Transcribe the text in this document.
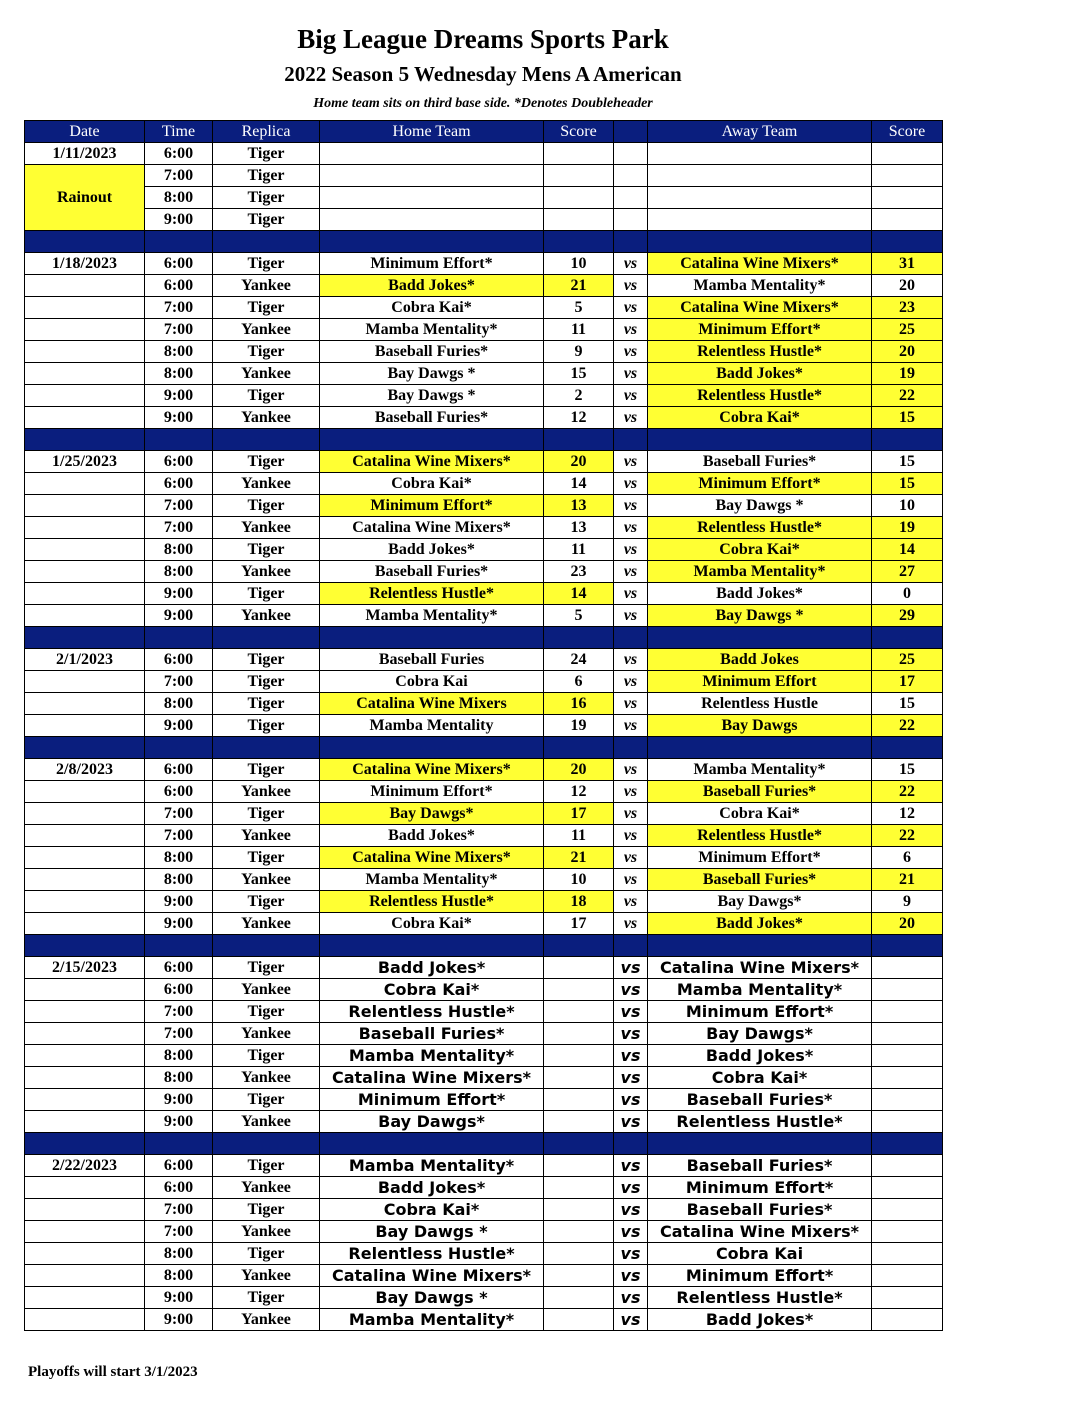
Big League Dreams Sports Park
2022 Season 5 Wednesday Mens A American
Home team sits on third base side. *Denotes Doubleheader
Date	Time	Replica	Home Team	Score		Away Team	Score
1/11/2023	6:00	Tiger					
Rainout	7:00	Tiger					
	8:00	Tiger					
	9:00	Tiger					

1/18/2023	6:00	Tiger	Minimum Effort*	10	vs	Catalina Wine Mixers*	31
	6:00	Yankee	Badd Jokes*	21	vs	Mamba Mentality*	20
	7:00	Tiger	Cobra Kai*	5	vs	Catalina Wine Mixers*	23
	7:00	Yankee	Mamba Mentality*	11	vs	Minimum Effort*	25
	8:00	Tiger	Baseball Furies*	9	vs	Relentless Hustle*	20
	8:00	Yankee	Bay Dawgs *	15	vs	Badd Jokes*	19
	9:00	Tiger	Bay Dawgs *	2	vs	Relentless Hustle*	22
	9:00	Yankee	Baseball Furies*	12	vs	Cobra Kai*	15

1/25/2023	6:00	Tiger	Catalina Wine Mixers*	20	vs	Baseball Furies*	15
	6:00	Yankee	Cobra Kai*	14	vs	Minimum Effort*	15
	7:00	Tiger	Minimum Effort*	13	vs	Bay Dawgs *	10
	7:00	Yankee	Catalina Wine Mixers*	13	vs	Relentless Hustle*	19
	8:00	Tiger	Badd Jokes*	11	vs	Cobra Kai*	14
	8:00	Yankee	Baseball Furies*	23	vs	Mamba Mentality*	27
	9:00	Tiger	Relentless Hustle*	14	vs	Badd Jokes*	0
	9:00	Yankee	Mamba Mentality*	5	vs	Bay Dawgs *	29

2/1/2023	6:00	Tiger	Baseball Furies	24	vs	Badd Jokes	25
	7:00	Tiger	Cobra Kai	6	vs	Minimum Effort	17
	8:00	Tiger	Catalina Wine Mixers	16	vs	Relentless Hustle	15
	9:00	Tiger	Mamba Mentality	19	vs	Bay Dawgs	22

2/8/2023	6:00	Tiger	Catalina Wine Mixers*	20	vs	Mamba Mentality*	15
	6:00	Yankee	Minimum Effort*	12	vs	Baseball Furies*	22
	7:00	Tiger	Bay Dawgs*	17	vs	Cobra Kai*	12
	7:00	Yankee	Badd Jokes*	11	vs	Relentless Hustle*	22
	8:00	Tiger	Catalina Wine Mixers*	21	vs	Minimum Effort*	6
	8:00	Yankee	Mamba Mentality*	10	vs	Baseball Furies*	21
	9:00	Tiger	Relentless Hustle*	18	vs	Bay Dawgs*	9
	9:00	Yankee	Cobra Kai*	17	vs	Badd Jokes*	20

2/15/2023	6:00	Tiger	Badd Jokes*		vs	Catalina Wine Mixers*	
	6:00	Yankee	Cobra Kai*		vs	Mamba Mentality*	
	7:00	Tiger	Relentless Hustle*		vs	Minimum Effort*	
	7:00	Yankee	Baseball Furies*		vs	Bay Dawgs*	
	8:00	Tiger	Mamba Mentality*		vs	Badd Jokes*	
	8:00	Yankee	Catalina Wine Mixers*		vs	Cobra Kai*	
	9:00	Tiger	Minimum Effort*		vs	Baseball Furies*	
	9:00	Yankee	Bay Dawgs*		vs	Relentless Hustle*	

2/22/2023	6:00	Tiger	Mamba Mentality*		vs	Baseball Furies*	
	6:00	Yankee	Badd Jokes*		vs	Minimum Effort*	
	7:00	Tiger	Cobra Kai*		vs	Baseball Furies*	
	7:00	Yankee	Bay Dawgs *		vs	Catalina Wine Mixers*	
	8:00	Tiger	Relentless Hustle*		vs	Cobra Kai	
	8:00	Yankee	Catalina Wine Mixers*		vs	Minimum Effort*	
	9:00	Tiger	Bay Dawgs *		vs	Relentless Hustle*	
	9:00	Yankee	Mamba Mentality*		vs	Badd Jokes*	
Playoffs will start 3/1/2023
